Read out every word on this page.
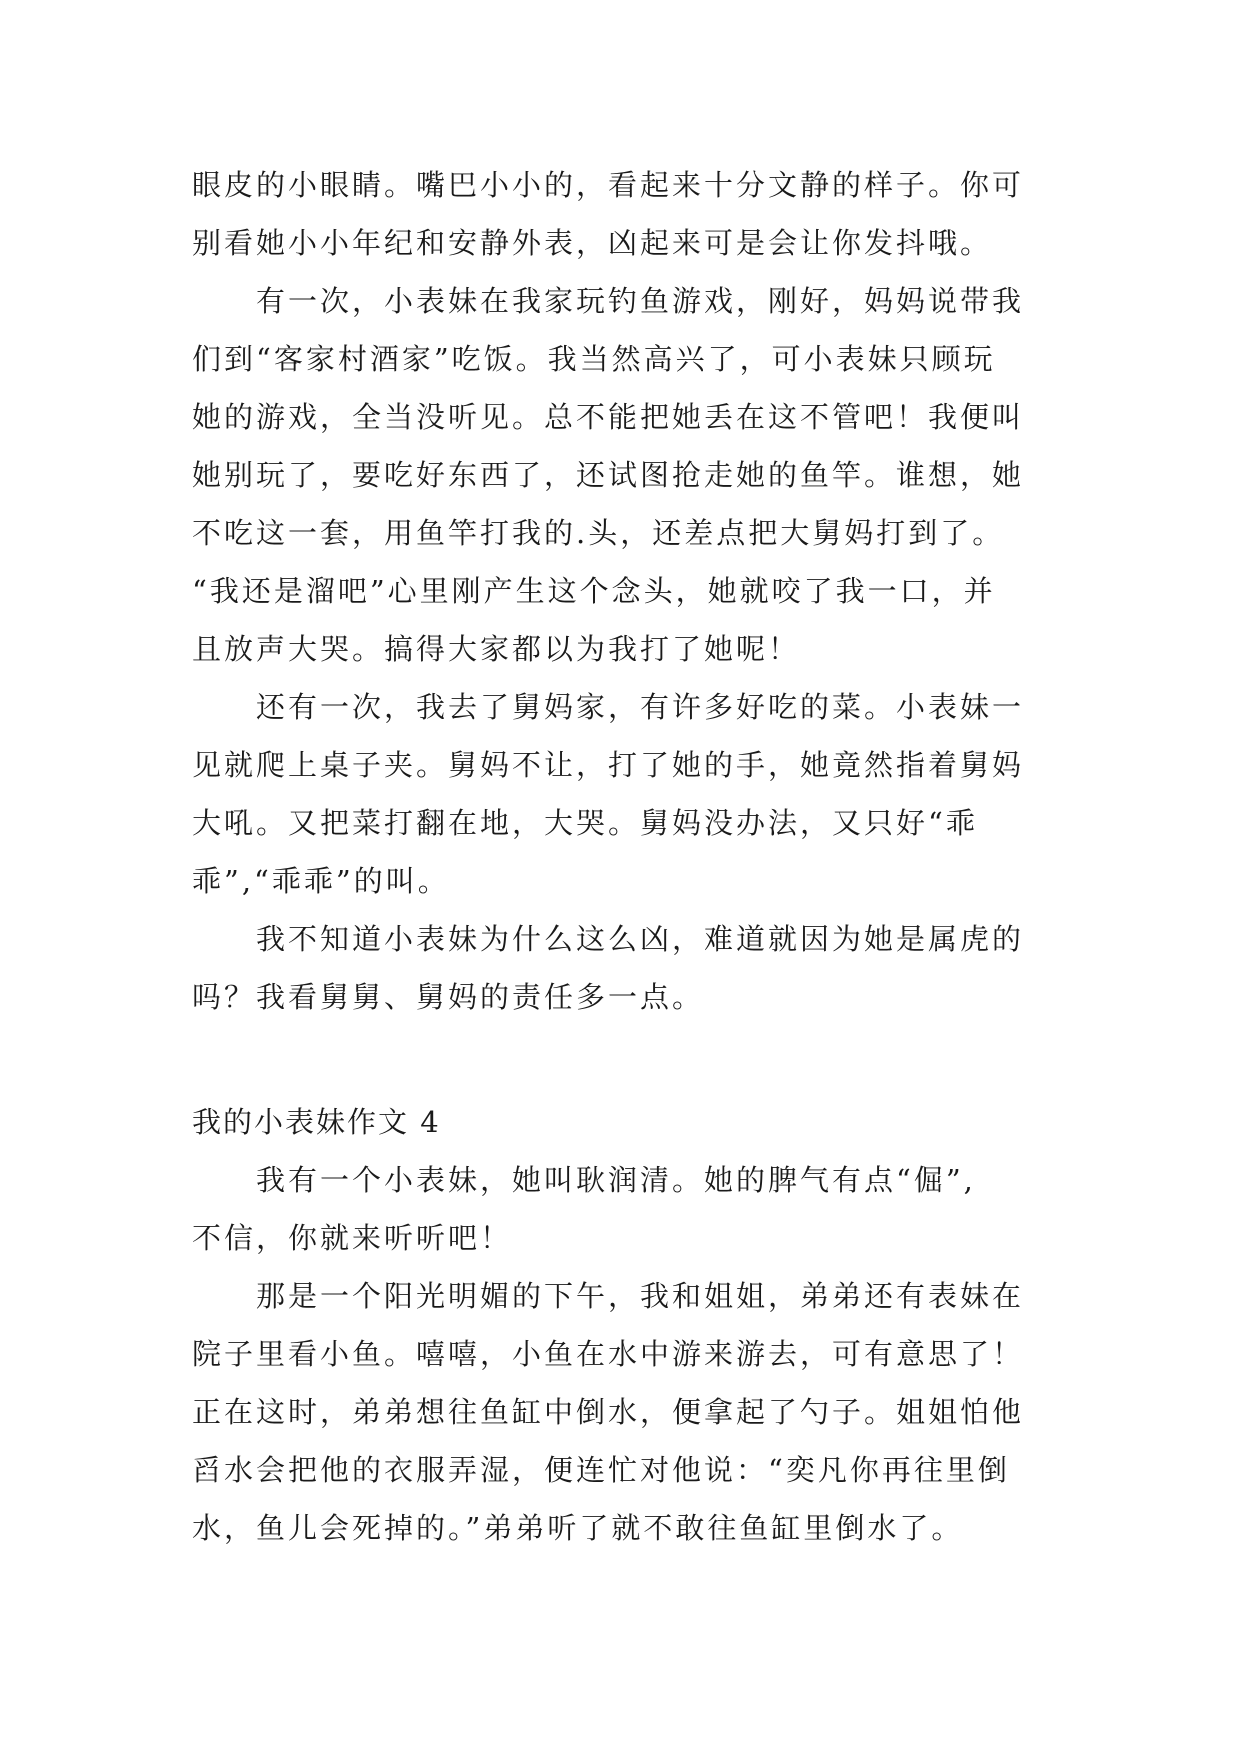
眼皮的小眼睛。嘴巴小小的，看起来十分文静的样子。你可
别看她小小年纪和安静外表，凶起来可是会让你发抖哦。
　　有一次，小表妹在我家玩钓鱼游戏，刚好，妈妈说带我
们到“客家村酒家”吃饭。我当然高兴了，可小表妹只顾玩
她的游戏，全当没听见。总不能把她丢在这不管吧！我便叫
她别玩了，要吃好东西了，还试图抢走她的鱼竿。谁想，她
不吃这一套，用鱼竿打我的.头，还差点把大舅妈打到了。
“我还是溜吧”心里刚产生这个念头，她就咬了我一口，并
且放声大哭。搞得大家都以为我打了她呢！
　　还有一次，我去了舅妈家，有许多好吃的菜。小表妹一
见就爬上桌子夹。舅妈不让，打了她的手，她竟然指着舅妈
大吼。又把菜打翻在地，大哭。舅妈没办法，又只好“乖
乖”,“乖乖”的叫。
　　我不知道小表妹为什么这么凶，难道就因为她是属虎的
吗？我看舅舅、舅妈的责任多一点。
我的小表妹作文 4
　　我有一个小表妹，她叫耿润清。她的脾气有点“倔”,
不信，你就来听听吧！
　　那是一个阳光明媚的下午，我和姐姐，弟弟还有表妹在
院子里看小鱼。嘻嘻，小鱼在水中游来游去，可有意思了！
正在这时，弟弟想往鱼缸中倒水，便拿起了勺子。姐姐怕他
舀水会把他的衣服弄湿，便连忙对他说：“奕凡你再往里倒
水，鱼儿会死掉的。”弟弟听了就不敢往鱼缸里倒水了。
